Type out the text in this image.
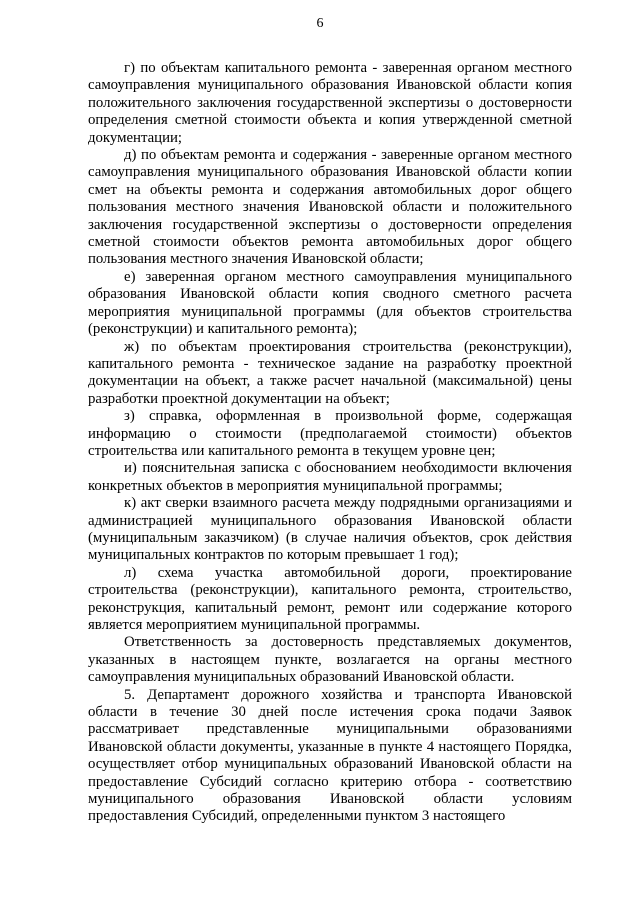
6

г) по объектам капитального ремонта - заверенная органом местного самоуправления муниципального образования Ивановской области копия положительного заключения государственной экспертизы о достоверности определения сметной стоимости объекта и копия утвержденной сметной документации;

д) по объектам ремонта и содержания - заверенные органом местного самоуправления муниципального образования Ивановской области копии смет на объекты ремонта и содержания автомобильных дорог общего пользования местного значения Ивановской области и положительного заключения государственной экспертизы о достоверности определения сметной стоимости объектов ремонта автомобильных дорог общего пользования местного значения Ивановской области;

е) заверенная органом местного самоуправления муниципального образования Ивановской области копия сводного сметного расчета мероприятия муниципальной программы (для объектов строительства (реконструкции) и капитального ремонта);

ж) по объектам проектирования строительства (реконструкции), капитального ремонта - техническое задание на разработку проектной документации на объект, а также расчет начальной (максимальной) цены разработки проектной документации на объект;

з) справка, оформленная в произвольной форме, содержащая информацию о стоимости (предполагаемой стоимости) объектов строительства или капитального ремонта в текущем уровне цен;

и) пояснительная записка с обоснованием необходимости включения конкретных объектов в мероприятия муниципальной программы;

к) акт сверки взаимного расчета между подрядными организациями и администрацией муниципального образования Ивановской области (муниципальным заказчиком) (в случае наличия объектов, срок действия муниципальных контрактов по которым превышает 1 год);

л) схема участка автомобильной дороги, проектирование строительства (реконструкции), капитального ремонта, строительство, реконструкция, капитальный ремонт, ремонт или содержание которого является мероприятием муниципальной программы.

Ответственность за достоверность представляемых документов, указанных в настоящем пункте, возлагается на органы местного самоуправления муниципальных образований Ивановской области.

5. Департамент дорожного хозяйства и транспорта Ивановской области в течение 30 дней после истечения срока подачи Заявок рассматривает представленные муниципальными образованиями Ивановской области документы, указанные в пункте 4 настоящего Порядка, осуществляет отбор муниципальных образований Ивановской области на предоставление Субсидий согласно критерию отбора - соответствию муниципального образования Ивановской области условиям предоставления Субсидий, определенными пунктом 3 настоящего
